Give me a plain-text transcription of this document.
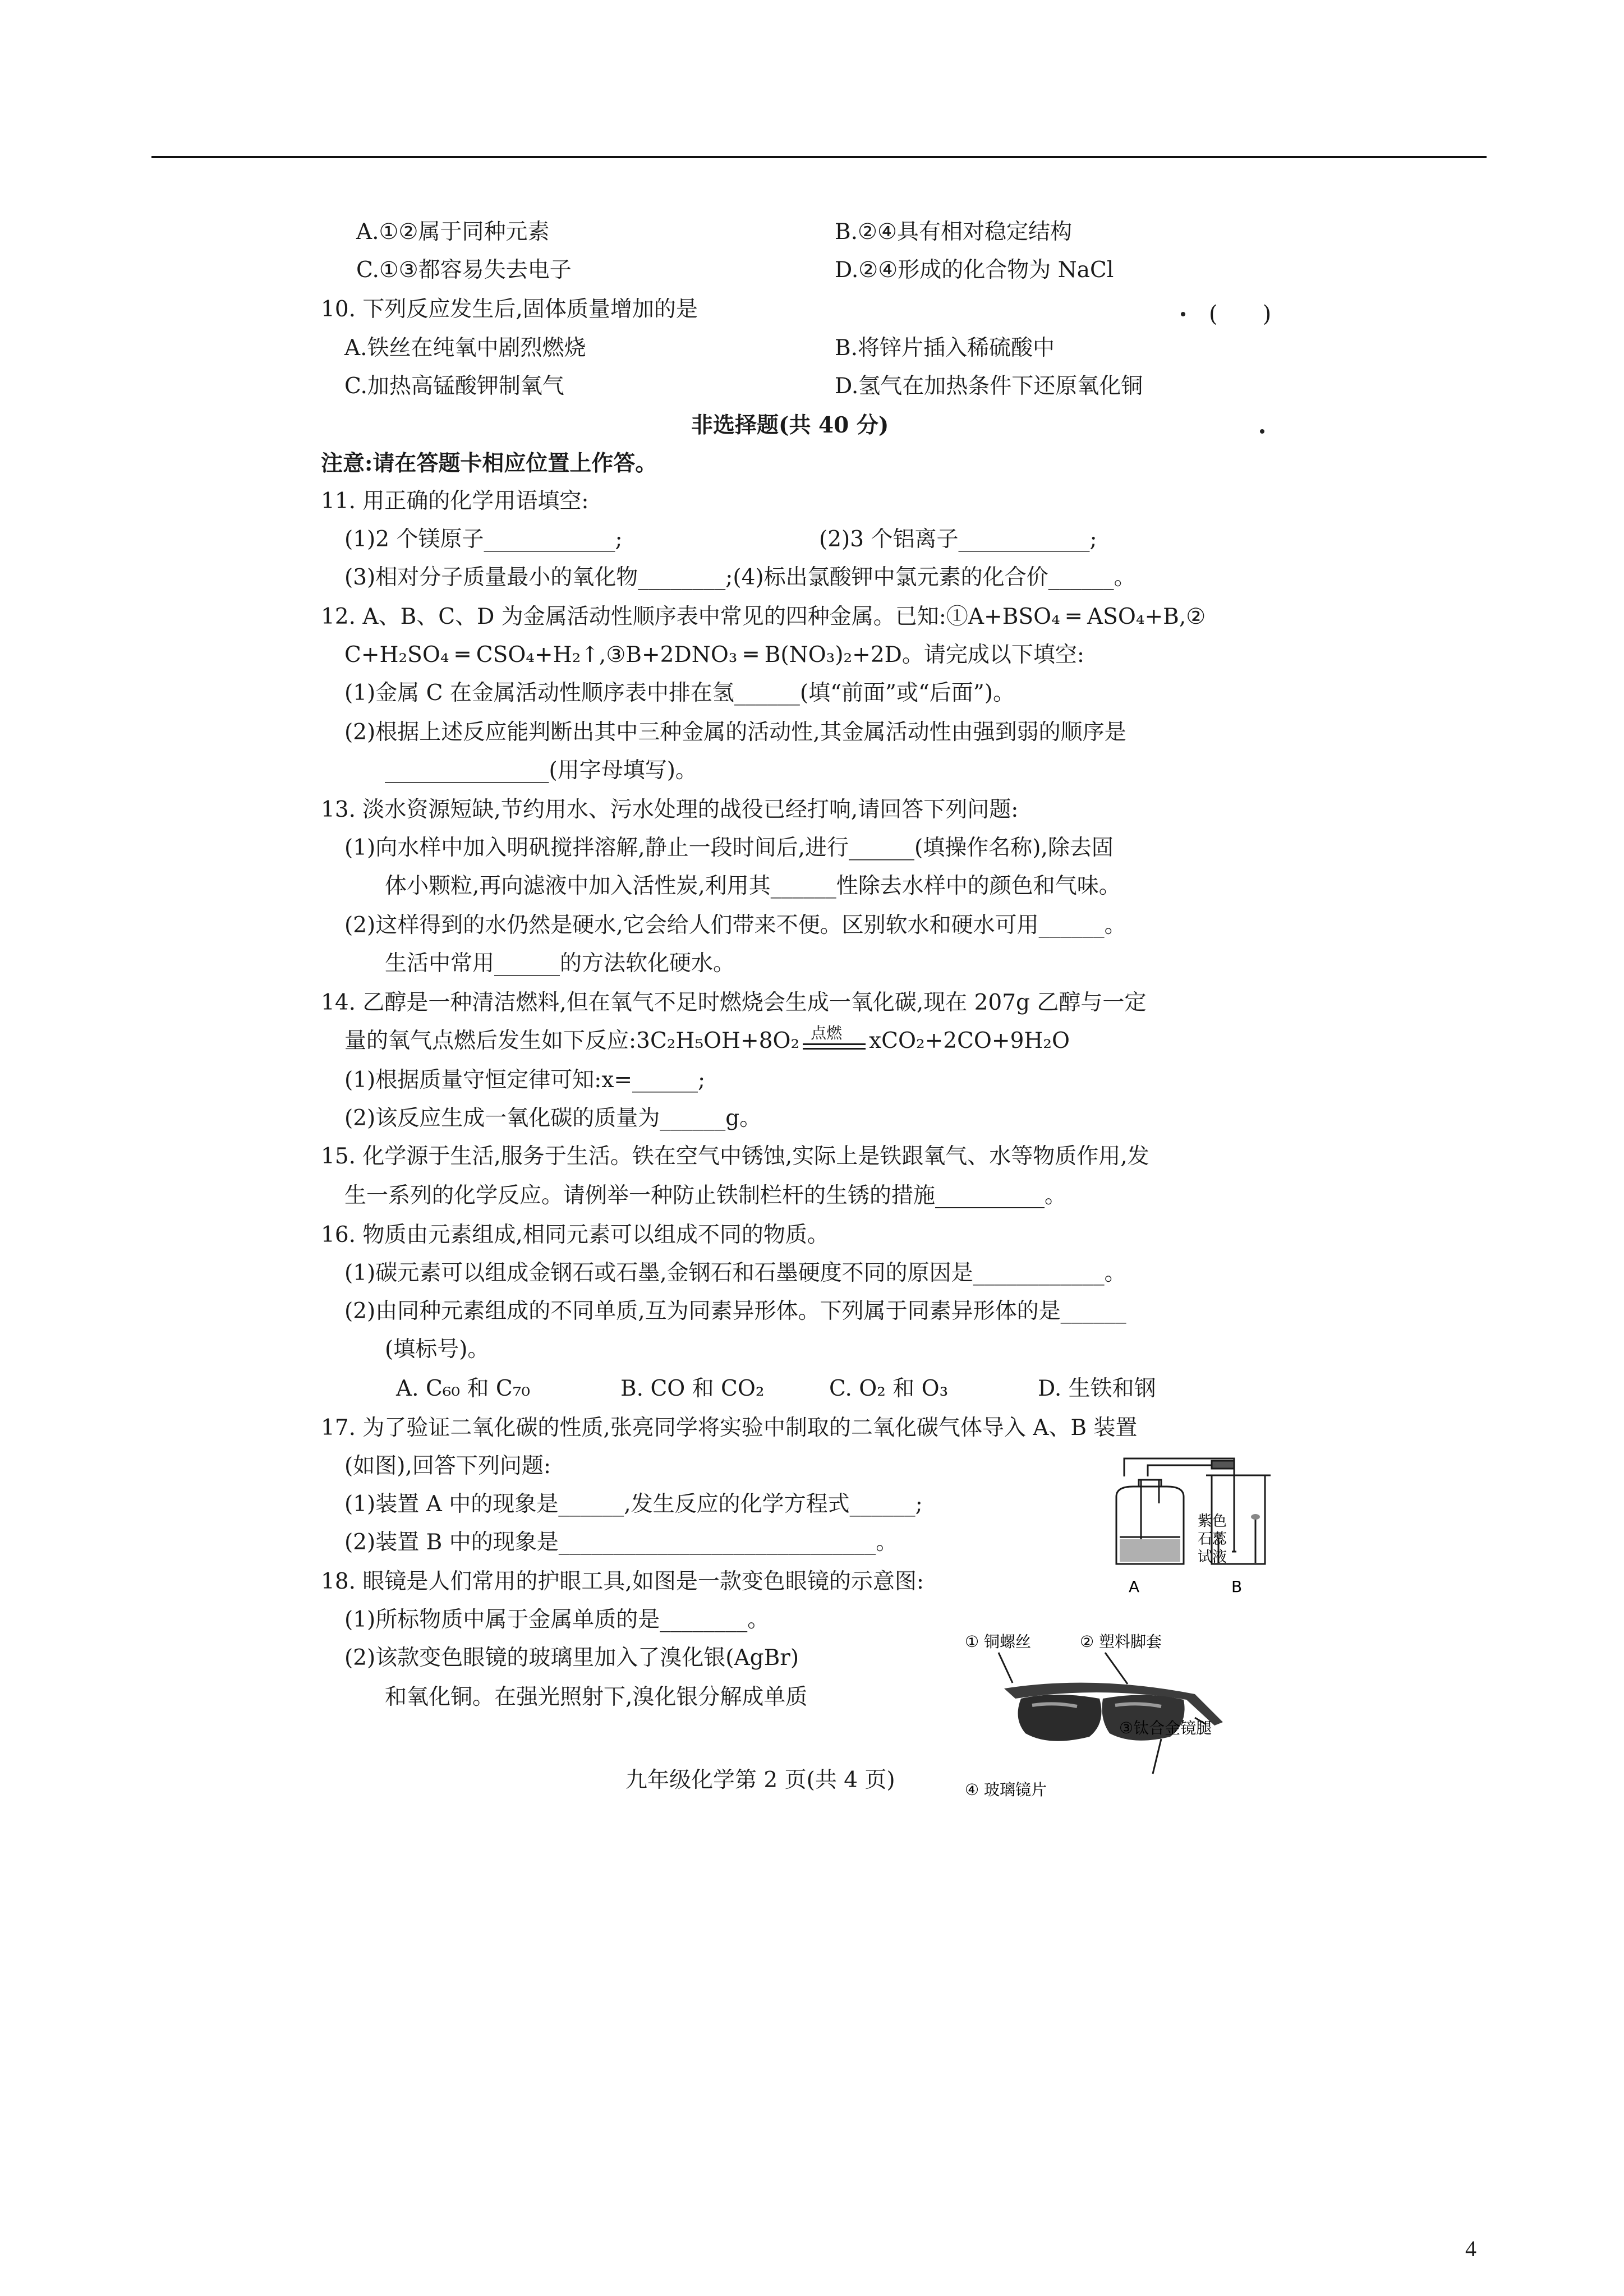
A.①②属于同种元素	B.②④具有相对稳定结构
C.①③都容易失去电子	D.②④形成的化合物为 NaCl
10. 下列反应发生后,固体质量增加的是	(　　)
A.铁丝在纯氧中剧烈燃烧	B.将锌片插入稀硫酸中
C.加热高锰酸钾制氧气	D.氢气在加热条件下还原氧化铜
非选择题(共 40 分)
注意:请在答题卡相应位置上作答。
11. 用正确的化学用语填空:
(1)2 个镁原子____________;	(2)3 个铝离子____________;
(3)相对分子质量最小的氧化物________;(4)标出氯酸钾中氯元素的化合价______。
12. A、B、C、D 为金属活动性顺序表中常见的四种金属。已知:①A+BSO₄ ═ ASO₄+B,②
C+H₂SO₄ ═ CSO₄+H₂↑,③B+2DNO₃ ═ B(NO₃)₂+2D。请完成以下填空:
(1)金属 C 在金属活动性顺序表中排在氢______(填“前面”或“后面”)。
(2)根据上述反应能判断出其中三种金属的活动性,其金属活动性由强到弱的顺序是
_______________(用字母填写)。
13. 淡水资源短缺,节约用水、污水处理的战役已经打响,请回答下列问题:
(1)向水样中加入明矾搅拌溶解,静止一段时间后,进行______(填操作名称),除去固
体小颗粒,再向滤液中加入活性炭,利用其______性除去水样中的颜色和气味。
(2)这样得到的水仍然是硬水,它会给人们带来不便。区别软水和硬水可用______。
生活中常用______的方法软化硬水。
14. 乙醇是一种清洁燃料,但在氧气不足时燃烧会生成一氧化碳,现在 207g 乙醇与一定
量的氧气点燃后发生如下反应:3C₂H₅OH+8O₂ 点燃 xCO₂+2CO+9H₂O
(1)根据质量守恒定律可知:x=______;
(2)该反应生成一氧化碳的质量为______g。
15. 化学源于生活,服务于生活。铁在空气中锈蚀,实际上是铁跟氧气、水等物质作用,发
生一系列的化学反应。请例举一种防止铁制栏杆的生锈的措施__________。
16. 物质由元素组成,相同元素可以组成不同的物质。
(1)碳元素可以组成金钢石或石墨,金钢石和石墨硬度不同的原因是____________。
(2)由同种元素组成的不同单质,互为同素异形体。下列属于同素异形体的是______
(填标号)。
A. C₆₀ 和 C₇₀	B. CO 和 CO₂	C. O₂ 和 O₃	D. 生铁和钢
17. 为了验证二氧化碳的性质,张亮同学将实验中制取的二氧化碳气体导入 A、B 装置
(如图),回答下列问题:
(1)装置 A 中的现象是______,发生反应的化学方程式______;
(2)装置 B 中的现象是_____________________________。
18. 眼镜是人们常用的护眼工具,如图是一款变色眼镜的示意图:
(1)所标物质中属于金属单质的是________。
(2)该款变色眼镜的玻璃里加入了溴化银(AgBr)
和氧化铜。在强光照射下,溴化银分解成单质
紫色
石蕊
试液
A	B
① 铜螺丝	② 塑料脚套
③钛合金镜腿
④ 玻璃镜片
九年级化学第 2 页(共 4 页)
4
